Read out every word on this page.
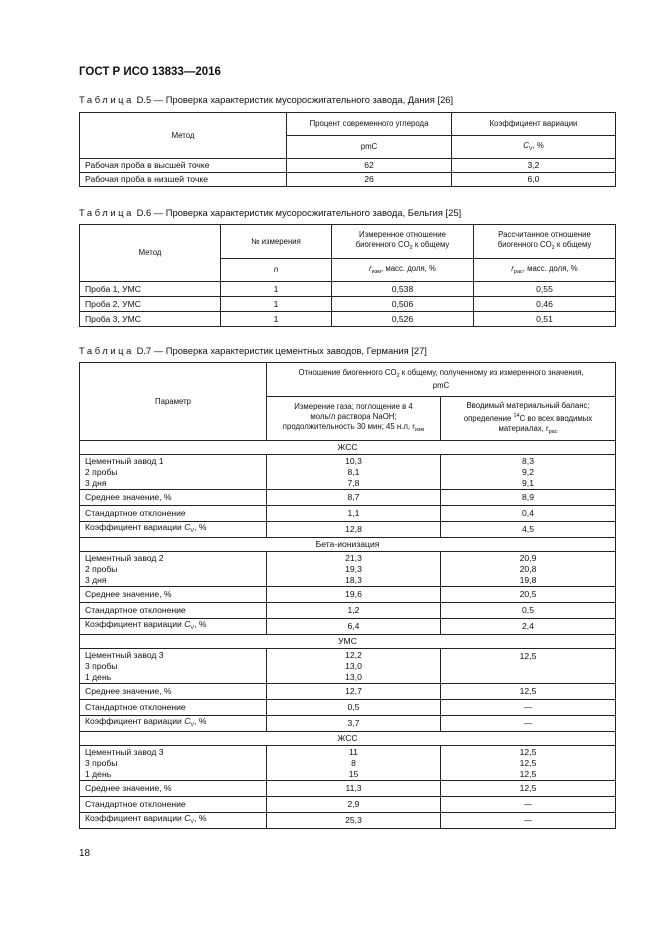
ГОСТ Р ИСО 13833—2016
Таблица D.5 — Проверка характеристик мусоросжигательного завода, Дания [26]
Метод	Процент современного углерода	Коэффициент вариации
	pmC	$C_V$, %
Рабочая проба в высшей точке	62	3,2
Рабочая проба в низшей точке	26	6,0
Таблица D.6 — Проверка характеристик мусоросжигательного завода, Бельгия [25]
Метод	№ измерения	Измеренное отношение
биогенного $CO_2$ к общему	Рассчитанное отношение
биогенного $CO_2$ к общему
	n	$r_{изм}$, масс. доля, %	$r_{рас}$, масс. доля, %
Проба 1, УМС	1	0,538	0,55
Проба 2, УМС	1	0,506	0,46
Проба 3, УМС	1	0,526	0,51
Таблица D.7 — Проверка характеристик цементных заводов, Германия [27]
Параметр	Отношение биогенного $CO_2$ к общему, полученному из измеренного значения,
pmC	
	Измерение газа; поглощение в 4
моль/л раствора NaOH;
продолжительность 30 мин; 45 н.л, $r_{изм}$	Вводимый материальный баланс;
определение $^{14}$C во всех вводимых
материалах, $r_{рас}$
ЖСС		
Цементный завод 1
2 пробы
3 дня	10,3
8,1
7,8	8,3
9,2
9,1
Среднее значение, %	8,7	8,9
Стандартное отклонение	1,1	0,4
Коэффициент вариации $C_V$, %	12,8	4,5
Бета-ионизация		
Цементный завод 2
2 пробы
3 дня	21,3
19,3
18,3	20,9
20,8
19,8
Среднее значение, %	19,6	20,5
Стандартное отклонение	1,2	0,5
Коэффициент вариации $C_V$, %	6,4	2,4
УМС		
Цементный завод 3
3 пробы
1 день	12,2
13,0
13,0	12,5

Среднее значение, %	12,7	12,5
Стандартное отклонение	0,5	—
Коэффициент вариации $C_V$, %	3,7	—
ЖСС		
Цементный завод 3
3 пробы
1 день	11
8
15	12,5
12,5
12,5
Среднее значение, %	11,3	12,5
Стандартное отклонение	2,9	—
Коэффициент вариации $C_V$, %	25,3	—
18
